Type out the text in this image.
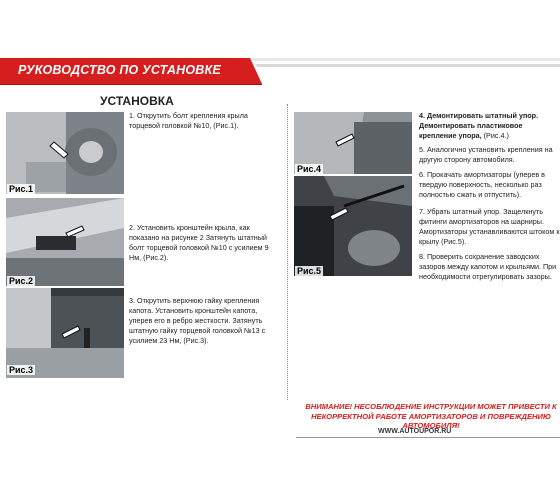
РУКОВОДСТВО ПО УСТАНОВКЕ
УСТАНОВКА
Рис.1
Рис.2
Рис.3
1. Открутить болт крепления крыла торцевой головкой №10, (Рис.1).
2. Установить кронштейн крыла, как показано на рисунке 2 Затянуть штатный болт торцевой головкой №10 с усилием 9 Нм, (Рис.2).
3. Открутить верхнюю гайку крепления капота. Установить кронштейн капота, уперев его в ребро жесткости. Затянуть штатную гайку торцевой головкой №13 с усилием 23 Нм, (Рис.3).
Рис.4
Рис.5
4. Демонтировать штатный упор. Демонтировать пластиковое крепление упора, (Рис.4.)
5. Аналогично установить крепления на другую сторону автомобиля.
6. Прокачать амортизаторы (уперев в твердую поверхность, несколько раз полностью сжать и отпустить).
7. Убрать штатный упор. Защелкнуть фитинги амортизаторов на шарниры. Амортизаторы устанавливаются штоком к крылу (Рис.5).
8. Проверить сохранение заводских зазоров между капотом и крыльями. При необходимости отрегулировать зазоры.
ВНИМАНИЕ! НЕСОБЛЮДЕНИЕ ИНСТРУКЦИИ МОЖЕТ ПРИВЕСТИ К НЕКОРРЕКТНОЙ РАБОТЕ АМОРТИЗАТОРОВ И ПОВРЕЖДЕНИЮ АВТОМОБИЛЯ!
WWW.AUTOUPOR.RU
